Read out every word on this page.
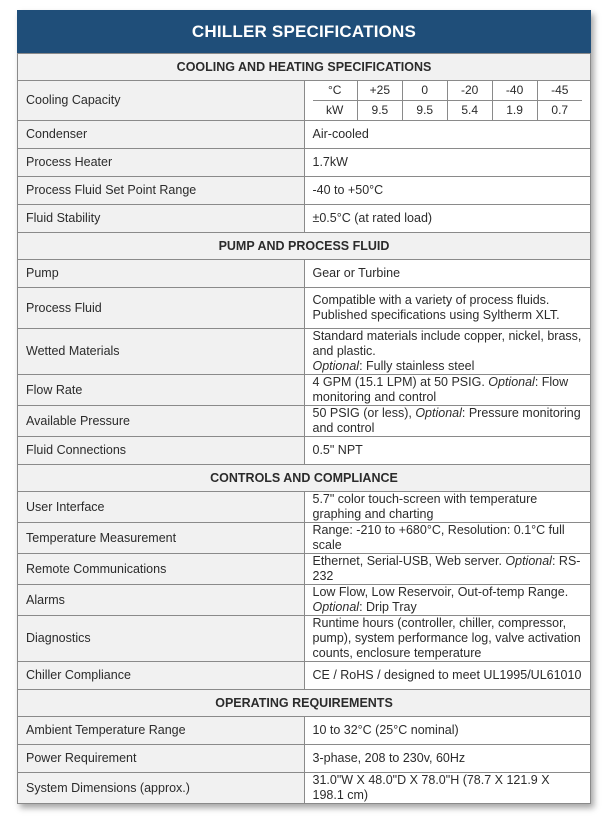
CHILLER SPECIFICATIONS
COOLING AND HEATING SPECIFICATIONS
Cooling Capacity	
°C	+25	0	-20	-40	-45
kW	9.5	9.5	5.4	1.9	0.7

Condenser	Air-cooled
Process Heater	1.7kW
Process Fluid Set Point Range	-40 to +50°C
Fluid Stability	±0.5°C (at rated load)
PUMP AND PROCESS FLUID
Pump	Gear or Turbine
Process Fluid	Compatible with a variety of process fluids. Published specifications using Syltherm XLT.
Wetted Materials	Standard materials include copper, nickel, brass, and plastic.
Optional: Fully stainless steel
Flow Rate	4 GPM (15.1 LPM) at 50 PSIG. Optional: Flow monitoring and control
Available Pressure	50 PSIG (or less), Optional: Pressure monitoring and control
Fluid Connections	0.5" NPT
CONTROLS AND COMPLIANCE
User Interface	5.7" color touch-screen with temperature graphing and charting
Temperature Measurement	Range: -210 to +680°C, Resolution: 0.1°C full scale
Remote Communications	Ethernet, Serial-USB, Web server. Optional: RS-232
Alarms	Low Flow, Low Reservoir, Out-of-temp Range. Optional: Drip Tray
Diagnostics	Runtime hours (controller, chiller, compressor, pump), system performance log, valve activation counts, enclosure temperature
Chiller Compliance	CE / RoHS / designed to meet UL1995/UL61010
OPERATING REQUIREMENTS
Ambient Temperature Range	10 to 32°C (25°C nominal)
Power Requirement	3-phase, 208 to 230v, 60Hz
System Dimensions (approx.)	31.0"W X 48.0"D X 78.0"H (78.7 X 121.9 X 198.1 cm)
